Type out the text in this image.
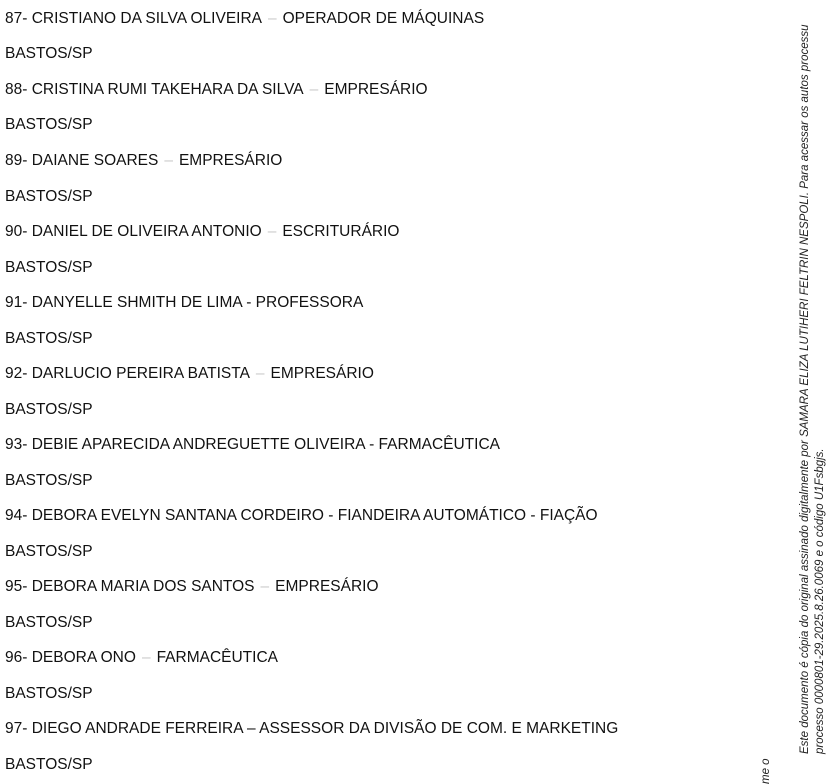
87- CRISTIANO DA SILVA OLIVEIRA – OPERADOR DE MÁQUINAS
BASTOS/SP
88- CRISTINA RUMI TAKEHARA DA SILVA – EMPRESÁRIO
BASTOS/SP
89- DAIANE SOARES – EMPRESÁRIO
BASTOS/SP
90- DANIEL DE OLIVEIRA ANTONIO – ESCRITURÁRIO
BASTOS/SP
91- DANYELLE SHMITH DE LIMA - PROFESSORA
BASTOS/SP
92- DARLUCIO PEREIRA BATISTA – EMPRESÁRIO
BASTOS/SP
93- DEBIE APARECIDA ANDREGUETTE OLIVEIRA - FARMACÊUTICA
BASTOS/SP
94- DEBORA EVELYN SANTANA CORDEIRO - FIANDEIRA AUTOMÁTICO - FIAÇÃO
BASTOS/SP
95- DEBORA MARIA DOS SANTOS – EMPRESÁRIO
BASTOS/SP
96- DEBORA ONO – FARMACÊUTICA
BASTOS/SP
97- DIEGO ANDRADE FERREIRA – ASSESSOR DA DIVISÃO DE COM. E MARKETING
BASTOS/SP
Este documento é cópia do original assinado digitalmente por SAMARA ELIZA LUTIHERI FELTRIN NESPOLI. Para acessar os autos processu processo 0000801-29.2025.8.26.0069 e o código U1Fsbgjs.
me o
